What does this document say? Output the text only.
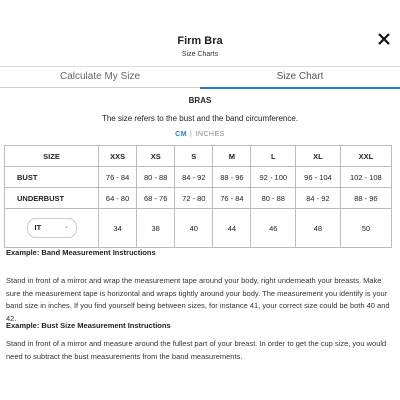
Firm Bra
Size Charts
Calculate My Size	Size Chart
BRAS
The size refers to the bust and the band circumference.
CM | INCHES
SIZE	XXS	XS	S	M	L	XL	XXL
BUST	76 - 84	80 - 88	84 - 92	88 - 96	92 - 100	96 - 104	102 - 108
UNDERBUST	64 - 80	68 - 76	72 - 80	76 - 84	80 - 88	84 - 92	88 - 96

IT ⌄	34	38	40	44	46	48	50
Example: Band Measurement Instructions
Stand in front of a mirror and wrap the measurement tape around your body, right underneath your breasts. Make sure the measurement tape is horizontal and wraps tightly around your body. The measurement you identify is your band size in inches. If you find yourself being between sizes, for instance 41, your correct size could be both 40 and 42.
Example: Bust Size Measurement Instructions
Stand in front of a mirror and measure around the fullest part of your breast. In order to get the cup size, you would need to subtract the bust measurements from the band measurements.
